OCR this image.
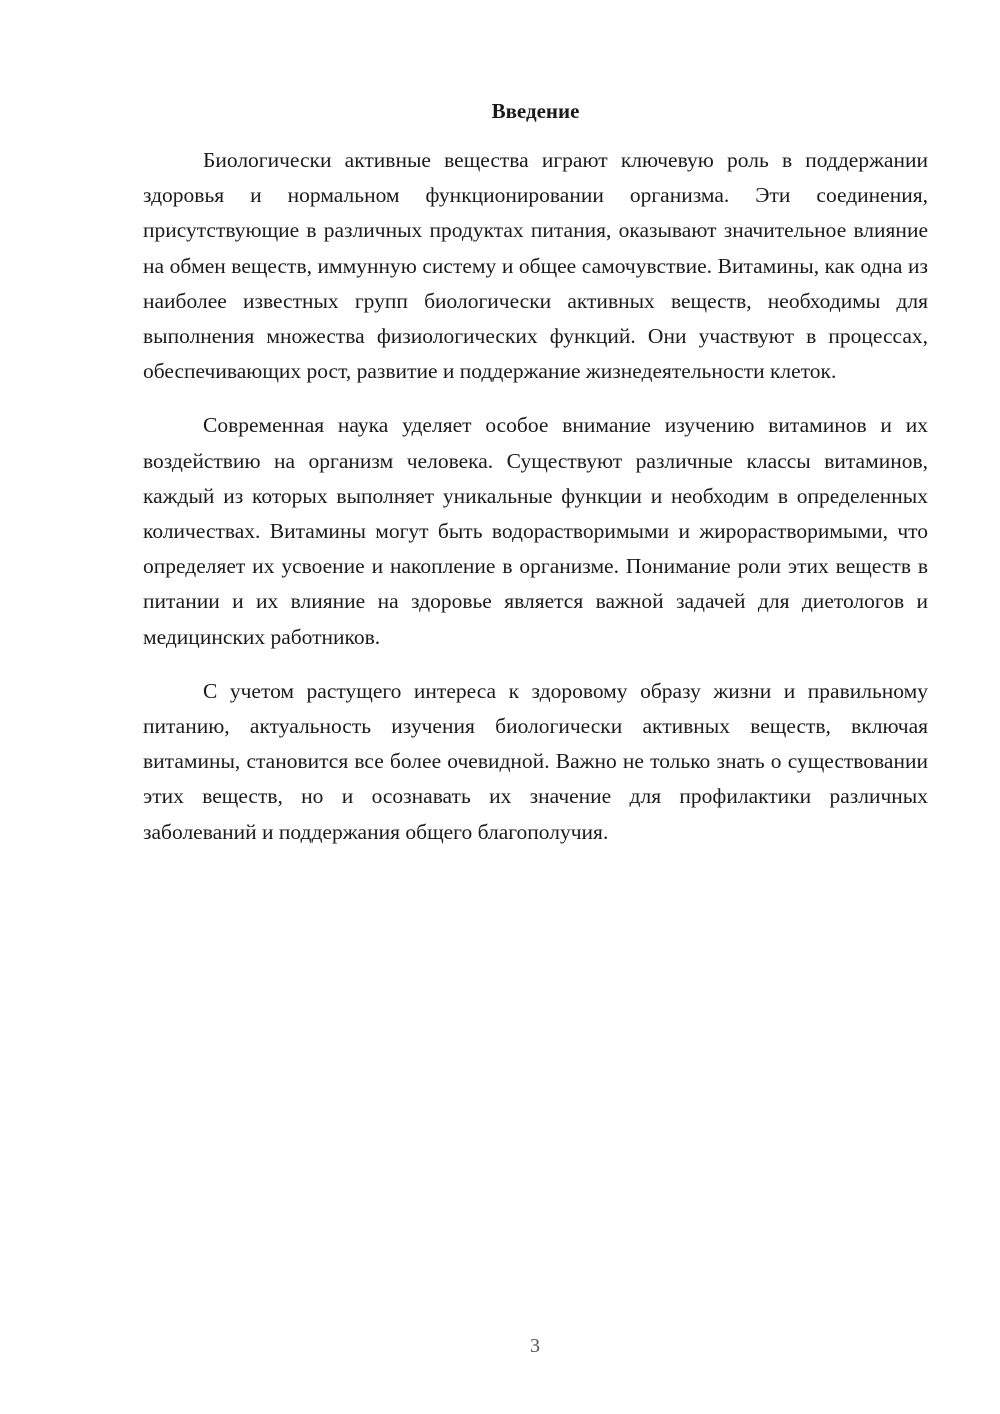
Введение

Биологически активные вещества играют ключевую роль в поддержании здоровья и нормальном функционировании организма. Эти соединения, присутствующие в различных продуктах питания, оказывают значительное влияние на обмен веществ, иммунную систему и общее самочувствие. Витамины, как одна из наиболее известных групп биологически активных веществ, необходимы для выполнения множества физиологических функций. Они участвуют в процессах, обеспечивающих рост, развитие и поддержание жизнедеятельности клеток.

Современная наука уделяет особое внимание изучению витаминов и их воздействию на организм человека. Существуют различные классы витаминов, каждый из которых выполняет уникальные функции и необходим в определенных количествах. Витамины могут быть водорастворимыми и жирорастворимыми, что определяет их усвоение и накопление в организме. Понимание роли этих веществ в питании и их влияние на здоровье является важной задачей для диетологов и медицинских работников.

С учетом растущего интереса к здоровому образу жизни и правильному питанию, актуальность изучения биологически активных веществ, включая витамины, становится все более очевидной. Важно не только знать о существовании этих веществ, но и осознавать их значение для профилактики различных заболеваний и поддержания общего благополучия.

3
